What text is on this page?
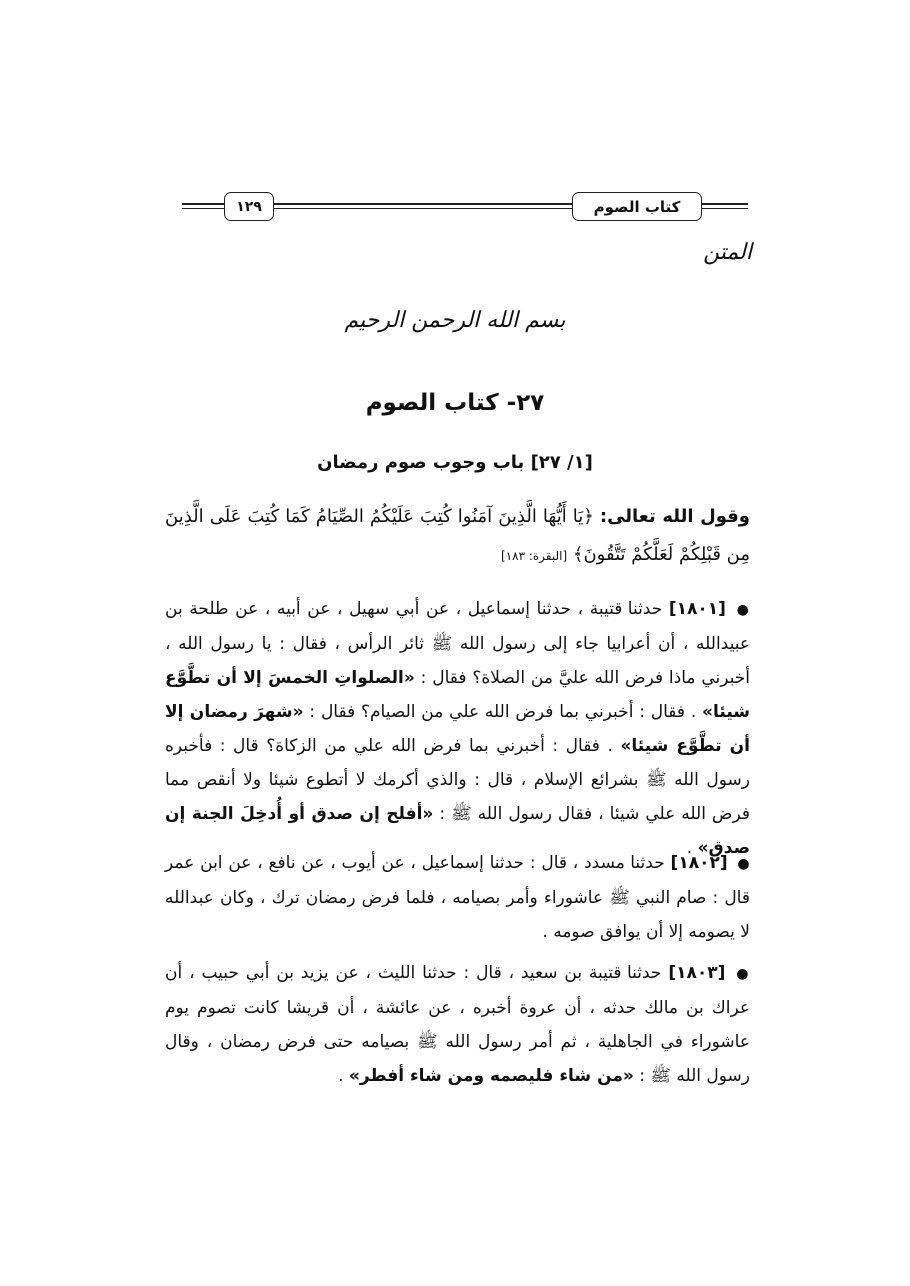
كتاب الصوم
١٢٩
المتن
بسم الله الرحمن الرحيم
٢٧- كتاب الصوم
[١/ ٢٧] باب وجوب صوم رمضان
وقول الله تعالى: ﴿يَا أَيُّهَا الَّذِينَ آمَنُوا كُتِبَ عَلَيْكُمُ الصِّيَامُ كَمَا كُتِبَ عَلَى الَّذِينَ مِن قَبْلِكُمْ لَعَلَّكُمْ تَتَّقُونَ﴾ [البقرة: ١٨٣]
● [١٨٠١] حدثنا قتيبة ، حدثنا إسماعيل ، عن أبي سهيل ، عن أبيه ، عن طلحة بن عبيدالله ، أن أعرابيا جاء إلى رسول الله ﷺ ثائر الرأس ، فقال : يا رسول الله ، أخبرني ماذا فرض الله عليَّ من الصلاة؟ فقال : «الصلواتِ الخمسَ إلا أن تطَّوَّع شيئا» . فقال : أخبرني بما فرض الله علي من الصيام؟ فقال : «شهرَ رمضان إلا أن تطَّوَّع شيئا» . فقال : أخبرني بما فرض الله علي من الزكاة؟ قال : فأخبره رسول الله ﷺ بشرائع الإسلام ، قال : والذي أكرمك لا أتطوع شيئا ولا أنقص مما فرض الله علي شيئا ، فقال رسول الله ﷺ : «أفلح إن صدق أو أُدخِلَ الجنة إن صدق» .
● [١٨٠٢] حدثنا مسدد ، قال : حدثنا إسماعيل ، عن أيوب ، عن نافع ، عن ابن عمر قال : صام النبي ﷺ عاشوراء وأمر بصيامه ، فلما فرض رمضان ترك ، وكان عبدالله لا يصومه إلا أن يوافق صومه .
● [١٨٠٣] حدثنا قتيبة بن سعيد ، قال : حدثنا الليث ، عن يزيد بن أبي حبيب ، أن عراك بن مالك حدثه ، أن عروة أخبره ، عن عائشة ، أن قريشا كانت تصوم يوم عاشوراء في الجاهلية ، ثم أمر رسول الله ﷺ بصيامه حتى فرض رمضان ، وقال رسول الله ﷺ : «من شاء فليصمه ومن شاء أفطر» .
